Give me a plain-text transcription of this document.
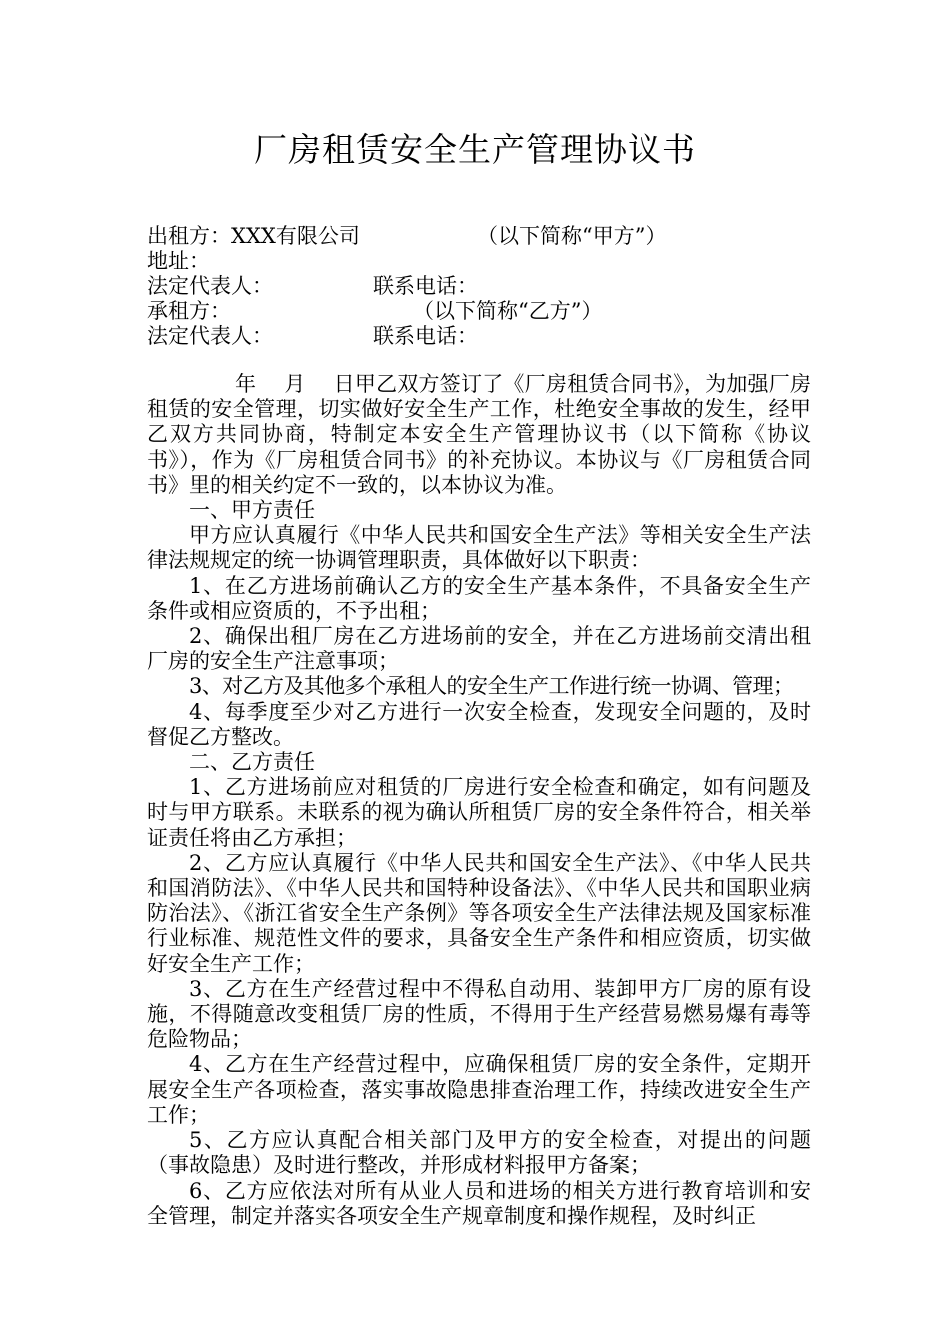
厂房租赁安全生产管理协议书
出租方：XXX有限公司	（以下简称“甲方”）
地址：
法定代表人：	联系电话：
承租方：	（以下简称“乙方”）
法定代表人：	联系电话：

年　 月　 日甲乙双方签订了《厂房租赁合同书》，为加强厂房租赁的安全管理，切实做好安全生产工作，杜绝安全事故的发生，经甲乙双方共同协商，特制定本安全生产管理协议书（以下简称《协议书》），作为《厂房租赁合同书》的补充协议。本协议与《厂房租赁合同书》里的相关约定不一致的，以本协议为准。

一、甲方责任

甲方应认真履行《中华人民共和国安全生产法》等相关安全生产法律法规规定的统一协调管理职责，具体做好以下职责：

1、在乙方进场前确认乙方的安全生产基本条件，不具备安全生产条件或相应资质的，不予出租；

2、确保出租厂房在乙方进场前的安全，并在乙方进场前交清出租厂房的安全生产注意事项；

3、对乙方及其他多个承租人的安全生产工作进行统一协调、管理；

4、每季度至少对乙方进行一次安全检查，发现安全问题的，及时督促乙方整改。

二、乙方责任

1、乙方进场前应对租赁的厂房进行安全检查和确定，如有问题及时与甲方联系。未联系的视为确认所租赁厂房的安全条件符合，相关举证责任将由乙方承担；

2、乙方应认真履行《中华人民共和国安全生产法》、《中华人民共和国消防法》、《中华人民共和国特种设备法》、《中华人民共和国职业病防治法》、《浙江省安全生产条例》等各项安全生产法律法规及国家标准行业标准、规范性文件的要求，具备安全生产条件和相应资质，切实做好安全生产工作；

3、乙方在生产经营过程中不得私自动用、装卸甲方厂房的原有设施，不得随意改变租赁厂房的性质，不得用于生产经营易燃易爆有毒等危险物品；

4、乙方在生产经营过程中，应确保租赁厂房的安全条件，定期开展安全生产各项检查，落实事故隐患排查治理工作，持续改进安全生产工作；

5、乙方应认真配合相关部门及甲方的安全检查，对提出的问题（事故隐患）及时进行整改，并形成材料报甲方备案；

6、乙方应依法对所有从业人员和进场的相关方进行教育培训和安全管理，制定并落实各项安全生产规章制度和操作规程，及时纠正
